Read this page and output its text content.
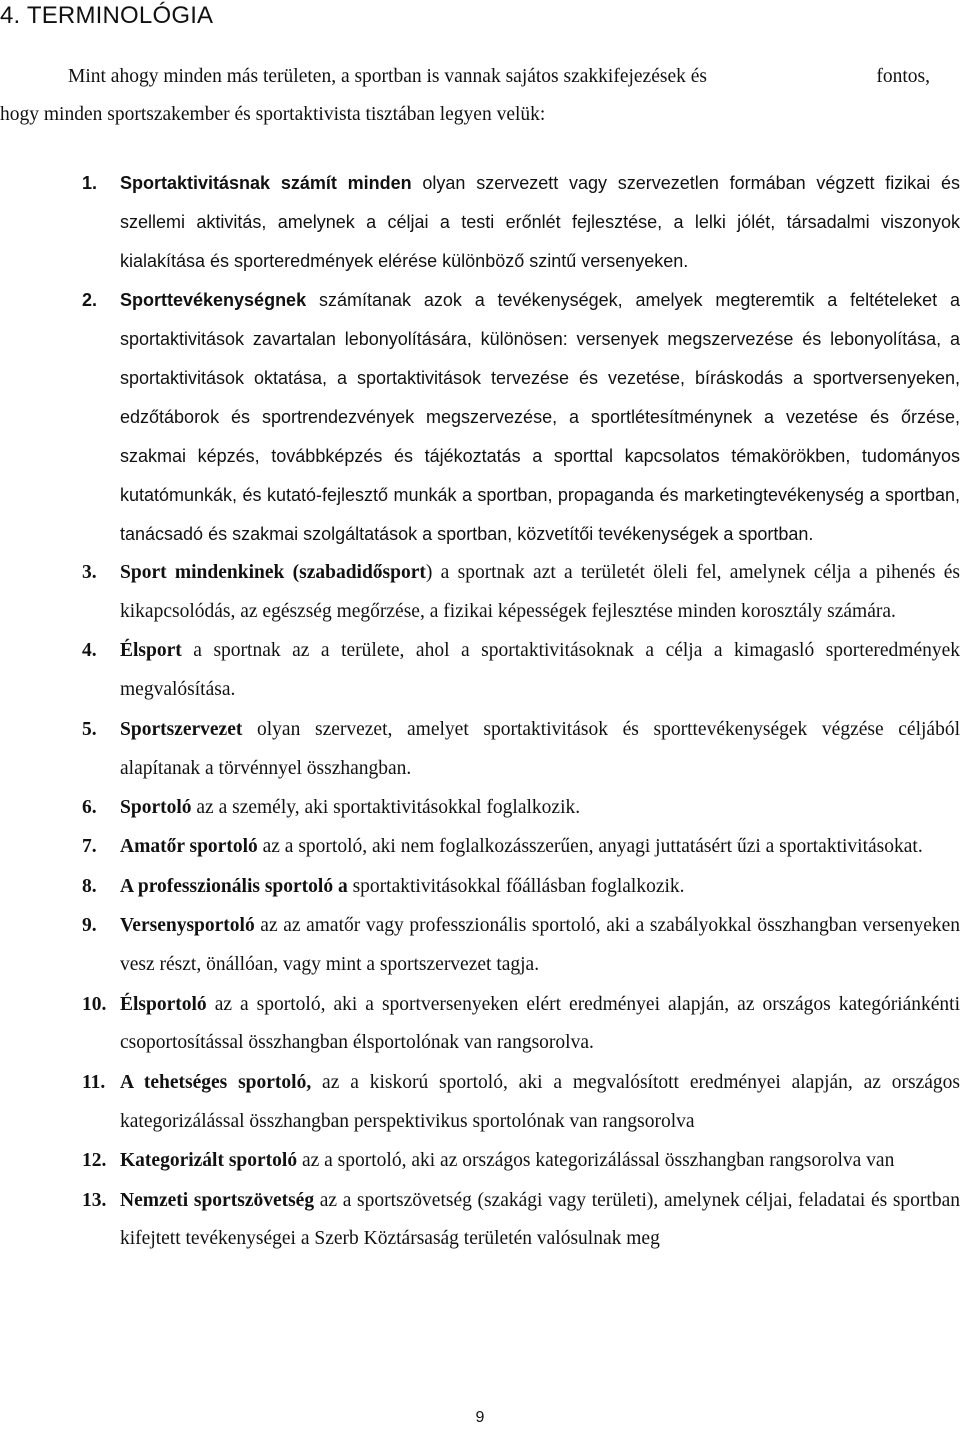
4. TERMINOLÓGIA
Mint ahogy minden más területen, a sportban is vannak sajátos szakkifejezések és	fontos,
hogy minden sportszakember és sportaktivista tisztában legyen velük:
1.	Sportaktivitásnak számít minden olyan szervezett vagy szervezetlen formában végzett fizikai és szellemi aktivitás, amelynek a céljai a testi erőnlét fejlesztése, a lelki jólét, társadalmi viszonyok kialakítása és sporteredmények elérése különböző szintű versenyeken.
2.	Sporttevékenységnek számítanak azok a tevékenységek, amelyek megteremtik a feltételeket a sportaktivitások zavartalan lebonyolítására, különösen: versenyek megszervezése és lebonyolítása, a sportaktivitások oktatása, a sportaktivitások tervezése és vezetése, bíráskodás a sportversenyeken, edzőtáborok és sportrendezvények megszervezése, a sportlétesítménynek a vezetése és őrzése, szakmai képzés, továbbképzés és tájékoztatás a sporttal kapcsolatos témakörökben, tudományos kutatómunkák, és kutató-fejlesztő munkák a sportban, propaganda és marketingtevékenység a sportban, tanácsadó és szakmai szolgáltatások a sportban, közvetítői tevékenységek a sportban.
3.	Sport mindenkinek (szabadidősport) a sportnak azt a területét öleli fel, amelynek célja a pihenés és kikapcsolódás, az egészség megőrzése, a fizikai képességek fejlesztése minden korosztály számára.
4.	Élsport a sportnak az a területe, ahol a sportaktivitásoknak a célja a kimagasló sporteredmények megvalósítása.
5.	Sportszervezet olyan szervezet, amelyet sportaktivitások és sporttevékenységek végzése céljából alapítanak a törvénnyel összhangban.
6.	Sportoló az a személy, aki sportaktivitásokkal foglalkozik.
7.	Amatőr sportoló az a sportoló, aki nem foglalkozásszerűen, anyagi juttatásért űzi a sportaktivitásokat.
8.	A professzionális sportoló a sportaktivitásokkal főállásban foglalkozik.
9.	Versenysportoló az az amatőr vagy professzionális sportoló, aki a szabályokkal összhangban versenyeken vesz részt, önállóan, vagy mint a sportszervezet tagja.
10. Élsportoló az a sportoló, aki a sportversenyeken elért eredményei alapján, az országos kategóriánkénti csoportosítással összhangban élsportolónak van rangsorolva.
11. A tehetséges sportoló, az a kiskorú sportoló, aki a megvalósított eredményei alapján, az országos kategorizálással összhangban perspektivikus sportolónak van rangsorolva
12. Kategorizált sportoló az a sportoló, aki az országos kategorizálással összhangban rangsorolva van
13. Nemzeti sportszövetség az a sportszövetség (szakági vagy területi), amelynek céljai, feladatai és sportban kifejtett tevékenységei a Szerb Köztársaság területén valósulnak meg
9
